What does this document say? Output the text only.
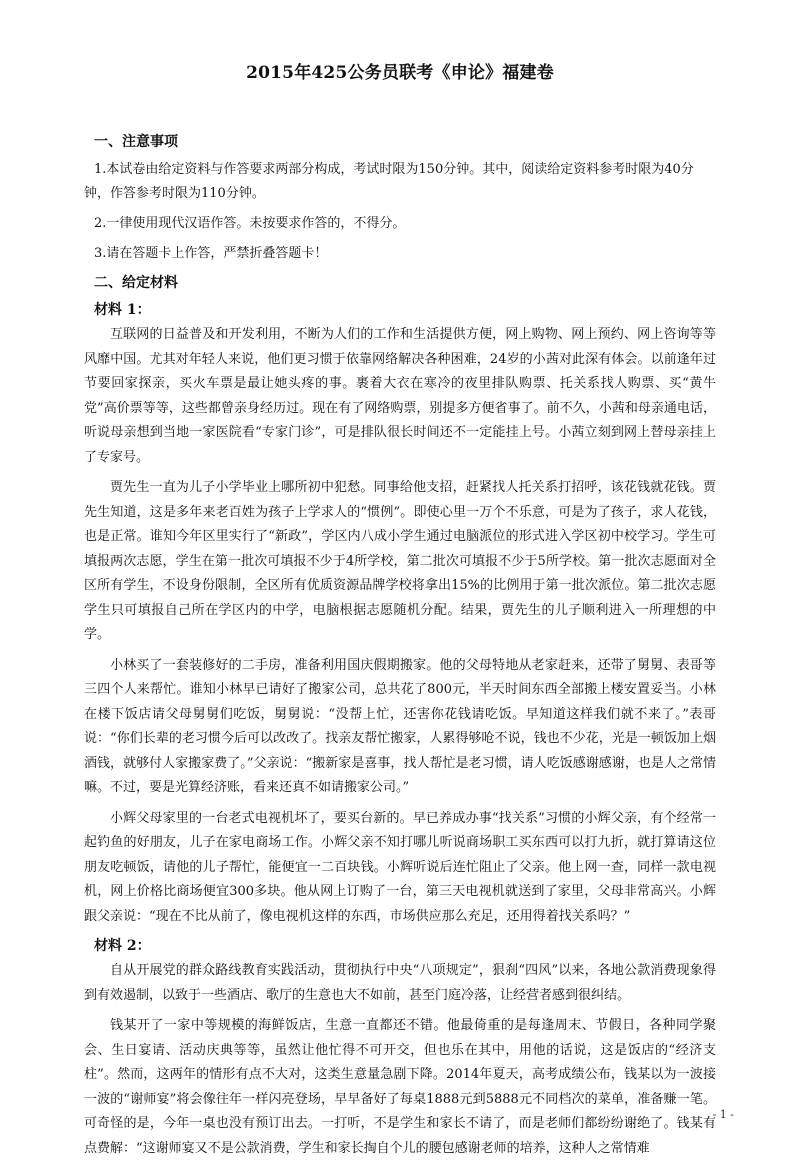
2015年425公务员联考《申论》福建卷
一、注意事项

1.本试卷由给定资料与作答要求两部分构成，考试时限为150分钟。其中，阅读给定资料参考时限为40分钟，作答参考时限为110分钟。

2.一律使用现代汉语作答。未按要求作答的，不得分。

3.请在答题卡上作答，严禁折叠答题卡！

二、给定材料
材料 1：

互联网的日益普及和开发利用，不断为人们的工作和生活提供方便，网上购物、网上预约、网上咨询等等风靡中国。尤其对年轻人来说，他们更习惯于依靠网络解决各种困难，24岁的小茜对此深有体会。以前逢年过节要回家探亲，买火车票是最让她头疼的事。裹着大衣在寒冷的夜里排队购票、托关系找人购票、买“黄牛党”高价票等等，这些都曾亲身经历过。现在有了网络购票，别提多方便省事了。前不久，小茜和母亲通电话，听说母亲想到当地一家医院看“专家门诊”，可是排队很长时间还不一定能挂上号。小茜立刻到网上替母亲挂上了专家号。

贾先生一直为儿子小学毕业上哪所初中犯愁。同事给他支招，赶紧找人托关系打招呼，该花钱就花钱。贾先生知道，这是多年来老百姓为孩子上学求人的“惯例”。即使心里一万个不乐意，可是为了孩子，求人花钱，也是正常。谁知今年区里实行了“新政”，学区内八成小学生通过电脑派位的形式进入学区初中校学习。学生可填报两次志愿，学生在第一批次可填报不少于4所学校，第二批次可填报不少于5所学校。第一批次志愿面对全区所有学生，不设身份限制，全区所有优质资源品牌学校将拿出15%的比例用于第一批次派位。第二批次志愿学生只可填报自己所在学区内的中学，电脑根据志愿随机分配。结果，贾先生的儿子顺利进入一所理想的中学。

小林买了一套装修好的二手房，准备利用国庆假期搬家。他的父母特地从老家赶来，还带了舅舅、表哥等三四个人来帮忙。谁知小林早已请好了搬家公司，总共花了800元，半天时间东西全部搬上楼安置妥当。小林在楼下饭店请父母舅舅们吃饭，舅舅说：“没帮上忙，还害你花钱请吃饭。早知道这样我们就不来了。”表哥说：“你们长辈的老习惯今后可以改改了。找亲友帮忙搬家，人累得够呛不说，钱也不少花，光是一顿饭加上烟酒钱，就够付人家搬家费了。”父亲说：“搬新家是喜事，找人帮忙是老习惯，请人吃饭感谢感谢，也是人之常情嘛。不过，要是光算经济账，看来还真不如请搬家公司。”

小辉父母家里的一台老式电视机坏了，要买台新的。早已养成办事“找关系”习惯的小辉父亲，有个经常一起钓鱼的好朋友，儿子在家电商场工作。小辉父亲不知打哪儿听说商场职工买东西可以打九折，就打算请这位朋友吃顿饭，请他的儿子帮忙，能便宜一二百块钱。小辉听说后连忙阻止了父亲。他上网一查，同样一款电视机，网上价格比商场便宜300多块。他从网上订购了一台，第三天电视机就送到了家里，父母非常高兴。小辉跟父亲说：“现在不比从前了，像电视机这样的东西，市场供应那么充足，还用得着找关系吗？”

材料 2：

自从开展党的群众路线教育实践活动，贯彻执行中央“八项规定”，狠刹“四风”以来，各地公款消费现象得到有效遏制，以致于一些酒店、歌厅的生意也大不如前，甚至门庭冷落，让经营者感到很纠结。

钱某开了一家中等规模的海鲜饭店，生意一直都还不错。他最倚重的是每逢周末、节假日，各种同学聚会、生日宴请、活动庆典等等，虽然让他忙得不可开交，但也乐在其中，用他的话说，这是饭店的“经济支柱”。然而，这两年的情形有点不大对，这类生意量急剧下降。2014年夏天，高考成绩公布，钱某以为一波接一波的“谢师宴”将会像往年一样闪亮登场，早早备好了每桌1888元到5888元不同档次的菜单，准备赚一笔。可奇怪的是，今年一桌也没有预订出去。一打听，不是学生和家长不请了，而是老师们都纷纷谢绝了。钱某有点费解：“这谢师宴又不是公款消费，学生和家长掏自个儿的腰包感谢老师的培养，这种人之常情难

- 1 -
